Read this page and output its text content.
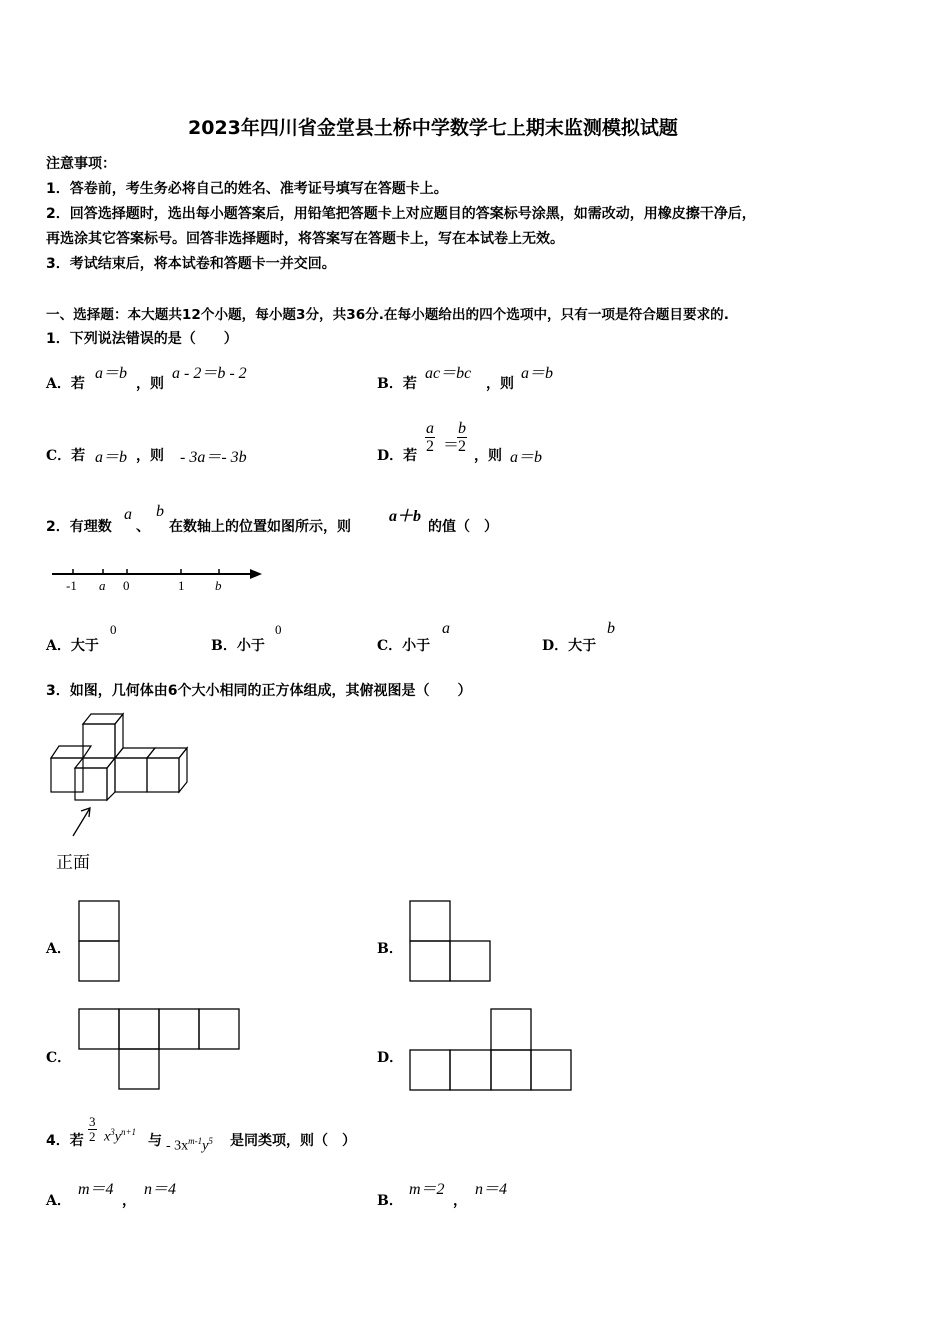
2023年四川省金堂县土桥中学数学七上期末监测模拟试题
注意事项：
1．答卷前，考生务必将自己的姓名、准考证号填写在答题卡上。
2．回答选择题时，选出每小题答案后，用铅笔把答题卡上对应题目的答案标号涂黑，如需改动，用橡皮擦干净后，
再选涂其它答案标号。回答非选择题时，将答案写在答题卡上，写在本试卷上无效。
3．考试结束后，将本试卷和答题卡一并交回。
一、选择题：本大题共12个小题，每小题3分，共36分.在每小题给出的四个选项中，只有一项是符合题目要求的.
1．下列说法错误的是（　　）
A．若
a＝b
，则
a - 2＝b - 2
B．若
ac＝bc
，则
a＝b
C．若 a＝b ，则 - 3a＝- 3b	D．若
$\frac{a}{2}$ ＝
$\frac{b}{2}$
，则 a＝b
2．有理数
a
、
b
在数轴上的位置如图所示，则
a＋b
的值（　）
-1 a 0	1 b
A．大于
0
B．小于
0
C．小于
a
D．大于
b
3．如图，几何体由6个大小相同的正方体组成，其俯视图是（　　）
正面
A．	B．
C．	D．
4．若 $\frac{3}{2} x^3y^{n+1}$
与 - $3x^{m-1}y^5$ 是同类项，则（　）
A．
m＝4
，
n＝4
B．
m＝2
，
n＝4
